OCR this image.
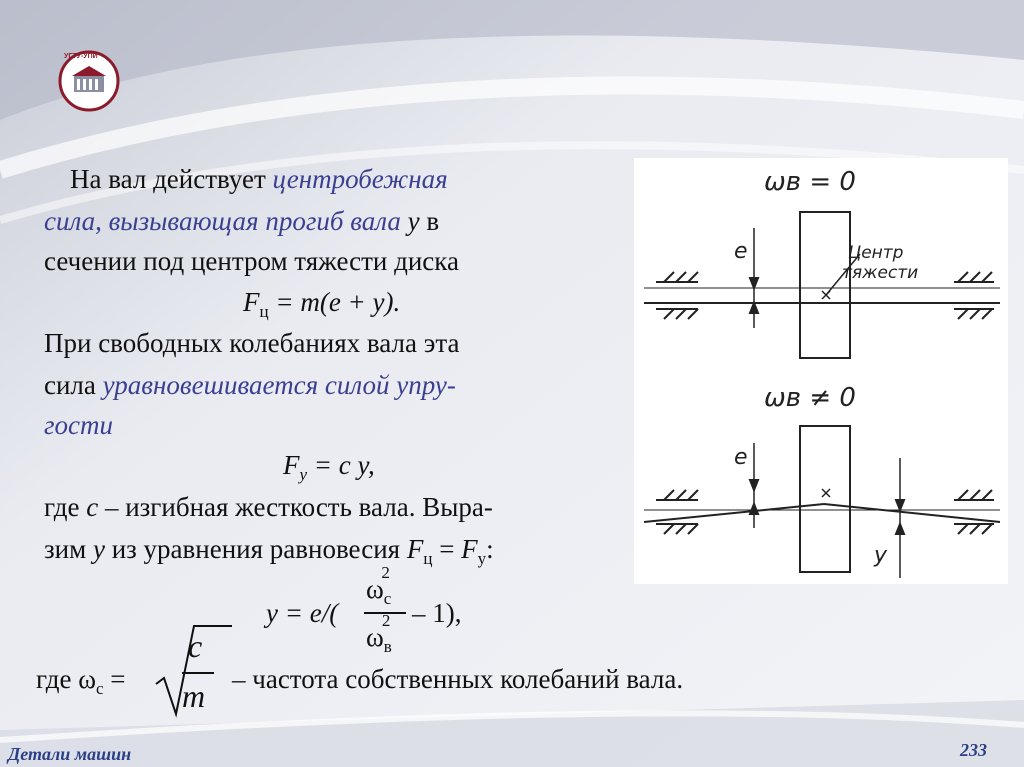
УГТУ-УПИ
На вал действует центробежная
сила, вызывающая прогиб вала y в
сечении под центром тяжести диска
$F_ц = m(e + y)$.
При свободных колебаниях вала эта
сила уравновешивается силой упру-
гости
$F_y = c$ y,
где c – изгибная жесткость вала. Выра-
зим y из уравнения равновесия $F_ц = F_у$:
y = e/(
$\omega_с^2$
$\omega_в^2 - 1$),
где $\omega_c$ =
c
m – частота собственных колебаний вала.
ωв = 0
ωв ≠ 0
Центр
тяжести
e
e
y
Детали машин	233
